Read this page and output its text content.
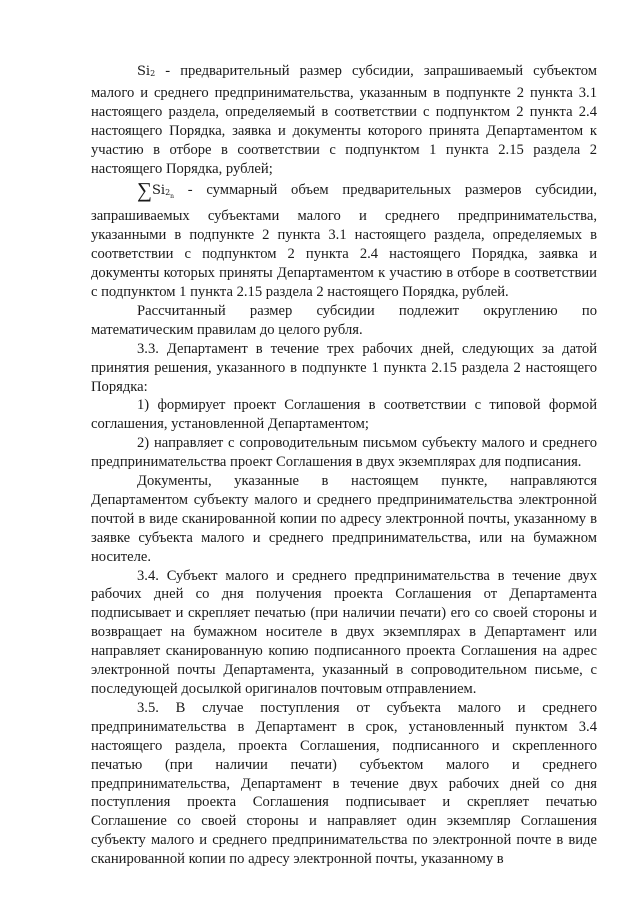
Si2 - предварительный размер субсидии, запрашиваемый субъектом малого и среднего предпринимательства, указанным в подпункте 2 пункта 3.1 настоящего раздела, определяемый в соответствии с подпунктом 2 пункта 2.4 настоящего Порядка, заявка и документы которого принята Департаментом к участию в отборе в соответствии с подпунктом 1 пункта 2.15 раздела 2 настоящего Порядка, рублей;

$\sum Si2_n$ - суммарный объем предварительных размеров субсидии, запрашиваемых субъектами малого и среднего предпринимательства, указанными в подпункте 2 пункта 3.1 настоящего раздела, определяемых в соответствии с подпунктом 2 пункта 2.4 настоящего Порядка, заявка и документы которых приняты Департаментом к участию в отборе в соответствии с подпунктом 1 пункта 2.15 раздела 2 настоящего Порядка, рублей.

Рассчитанный размер субсидии подлежит округлению по математическим правилам до целого рубля.

3.3. Департамент в течение трех рабочих дней, следующих за датой принятия решения, указанного в подпункте 1 пункта 2.15 раздела 2 настоящего Порядка:

1) формирует проект Соглашения в соответствии с типовой формой соглашения, установленной Департаментом;

2) направляет с сопроводительным письмом субъекту малого и среднего предпринимательства проект Соглашения в двух экземплярах для подписания.

Документы, указанные в настоящем пункте, направляются Департаментом субъекту малого и среднего предпринимательства электронной почтой в виде сканированной копии по адресу электронной почты, указанному в заявке субъекта малого и среднего предпринимательства, или на бумажном носителе.

3.4. Субъект малого и среднего предпринимательства в течение двух рабочих дней со дня получения проекта Соглашения от Департамента подписывает и скрепляет печатью (при наличии печати) его со своей стороны и возвращает на бумажном носителе в двух экземплярах в Департамент или направляет сканированную копию подписанного проекта Соглашения на адрес электронной почты Департамента, указанный в сопроводительном письме, с последующей досылкой оригиналов почтовым отправлением.

3.5. В случае поступления от субъекта малого и среднего предпринимательства в Департамент в срок, установленный пунктом 3.4 настоящего раздела, проекта Соглашения, подписанного и скрепленного печатью (при наличии печати) субъектом малого и среднего предпринимательства, Департамент в течение двух рабочих дней со дня поступления проекта Соглашения подписывает и скрепляет печатью Соглашение со своей стороны и направляет один экземпляр Соглашения субъекту малого и среднего предпринимательства по электронной почте в виде сканированной копии по адресу электронной почты, указанному в
